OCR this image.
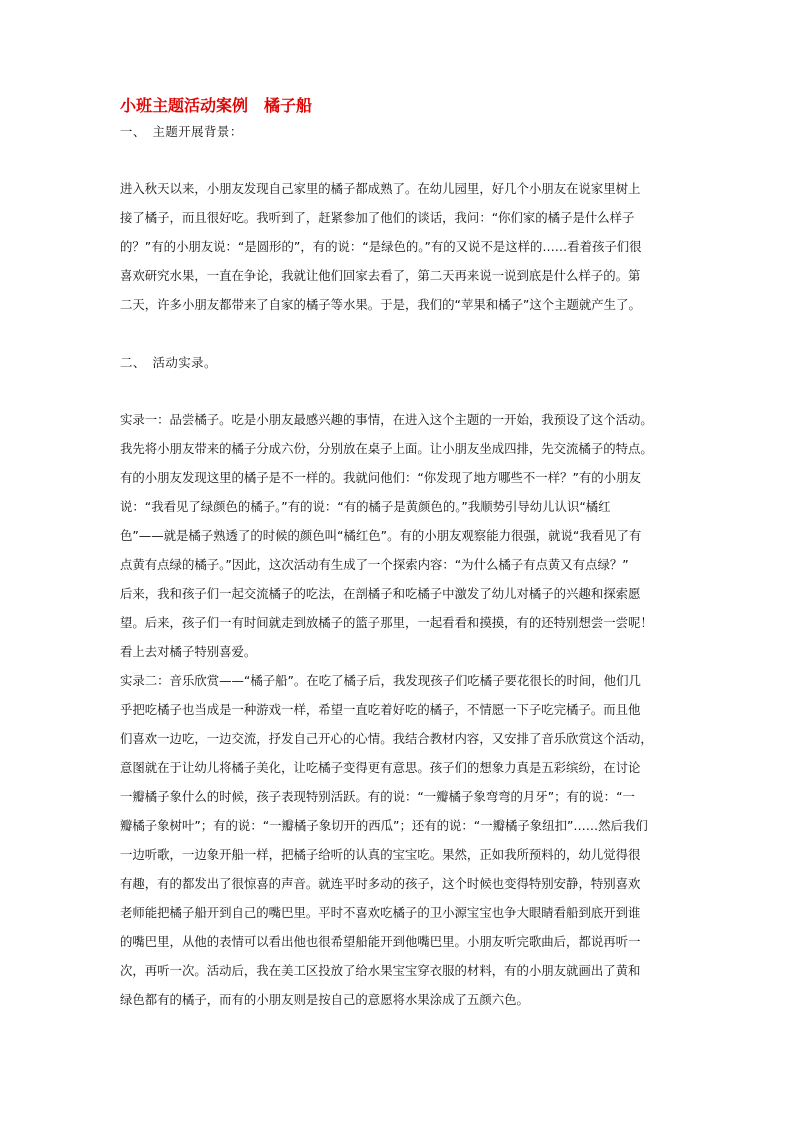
小班主题活动案例　橘子船
一、　主题开展背景：
进入秋天以来，小朋友发现自己家里的橘子都成熟了。在幼儿园里，好几个小朋友在说家里树上
接了橘子，而且很好吃。我听到了，赶紧参加了他们的谈话，我问：“你们家的橘子是什么样子
的？”有的小朋友说：“是圆形的”，有的说：“是绿色的。”有的又说不是这样的……看着孩子们很
喜欢研究水果，一直在争论，我就让他们回家去看了，第二天再来说一说到底是什么样子的。第
二天，许多小朋友都带来了自家的橘子等水果。于是，我们的“苹果和橘子”这个主题就产生了。
二、　活动实录。
实录一：品尝橘子。吃是小朋友最感兴趣的事情，在进入这个主题的一开始，我预设了这个活动。
我先将小朋友带来的橘子分成六份，分别放在桌子上面。让小朋友坐成四排，先交流橘子的特点。
有的小朋友发现这里的橘子是不一样的。我就问他们：“你发现了地方哪些不一样？”有的小朋友
说：“我看见了绿颜色的橘子。”有的说：“有的橘子是黄颜色的。”我顺势引导幼儿认识“橘红
色”——就是橘子熟透了的时候的颜色叫“橘红色”。有的小朋友观察能力很强，就说“我看见了有
点黄有点绿的橘子。”因此，这次活动有生成了一个探索内容：“为什么橘子有点黄又有点绿？”
后来，我和孩子们一起交流橘子的吃法，在剖橘子和吃橘子中激发了幼儿对橘子的兴趣和探索愿
望。后来，孩子们一有时间就走到放橘子的篮子那里，一起看看和摸摸，有的还特别想尝一尝呢！
看上去对橘子特别喜爱。
实录二：音乐欣赏——“橘子船”。在吃了橘子后，我发现孩子们吃橘子要花很长的时间，他们几
乎把吃橘子也当成是一种游戏一样，希望一直吃着好吃的橘子，不情愿一下子吃完橘子。而且他
们喜欢一边吃，一边交流，抒发自己开心的心情。我结合教材内容，又安排了音乐欣赏这个活动，
意图就在于让幼儿将橘子美化，让吃橘子变得更有意思。孩子们的想象力真是五彩缤纷，在讨论
一瓣橘子象什么的时候，孩子表现特别活跃。有的说：“一瓣橘子象弯弯的月牙”；有的说：“一
瓣橘子象树叶”；有的说：“一瓣橘子象切开的西瓜”；还有的说：“一瓣橘子象纽扣”……然后我们
一边听歌，一边象开船一样，把橘子给听的认真的宝宝吃。果然，正如我所预料的，幼儿觉得很
有趣，有的都发出了很惊喜的声音。就连平时多动的孩子，这个时候也变得特别安静，特别喜欢
老师能把橘子船开到自己的嘴巴里。平时不喜欢吃橘子的卫小源宝宝也争大眼睛看船到底开到谁
的嘴巴里，从他的表情可以看出他也很希望船能开到他嘴巴里。小朋友听完歌曲后，都说再听一
次，再听一次。活动后，我在美工区投放了给水果宝宝穿衣服的材料，有的小朋友就画出了黄和
绿色都有的橘子，而有的小朋友则是按自己的意愿将水果涂成了五颜六色。
